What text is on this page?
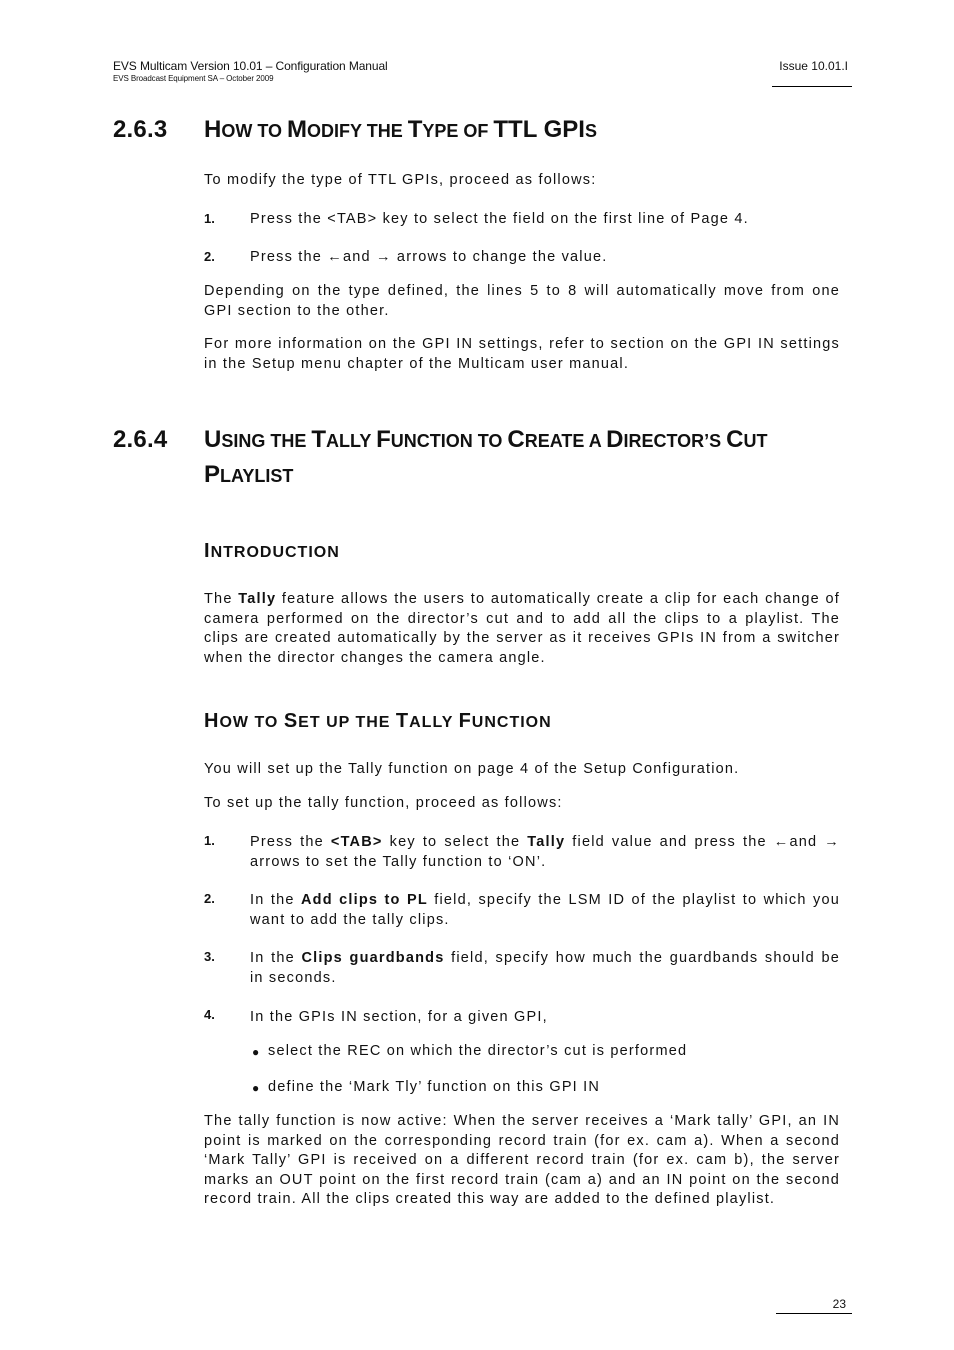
EVS Multicam Version 10.01 – Configuration Manual
EVS Broadcast Equipment SA – October 2009
Issue 10.01.I
2.6.3 HOW TO MODIFY THE TYPE OF TTL GPIS
To modify the type of TTL GPIs, proceed as follows:
1. Press the <TAB> key to select the field on the first line of Page 4.
2. Press the ←and → arrows to change the value.
Depending on the type defined, the lines 5 to 8 will automatically move from one GPI section to the other.
For more information on the GPI IN settings, refer to section on the GPI IN settings in the Setup menu chapter of the Multicam user manual.
2.6.4 USING THE TALLY FUNCTION TO CREATE A DIRECTOR’S CUT
PLAYLIST
INTRODUCTION
The Tally feature allows the users to automatically create a clip for each change of camera performed on the director’s cut and to add all the clips to a playlist. The clips are created automatically by the server as it receives GPIs IN from a switcher when the director changes the camera angle.
HOW TO SET UP THE TALLY FUNCTION
You will set up the Tally function on page 4 of the Setup Configuration.
To set up the tally function, proceed as follows:
1. Press the <TAB> key to select the Tally field value and press the ←and → arrows to set the Tally function to ‘ON’.
2. In the Add clips to PL field, specify the LSM ID of the playlist to which you want to add the tally clips.
3. In the Clips guardbands field, specify how much the guardbands should be in seconds.
4. In the GPIs IN section, for a given GPI,
● select the REC on which the director’s cut is performed
● define the ‘Mark Tly’ function on this GPI IN
The tally function is now active: When the server receives a ‘Mark tally’ GPI, an IN point is marked on the corresponding record train (for ex. cam a). When a second ‘Mark Tally’ GPI is received on a different record train (for ex. cam b), the server marks an OUT point on the first record train (cam a) and an IN point on the second record train. All the clips created this way are added to the defined playlist.
23
